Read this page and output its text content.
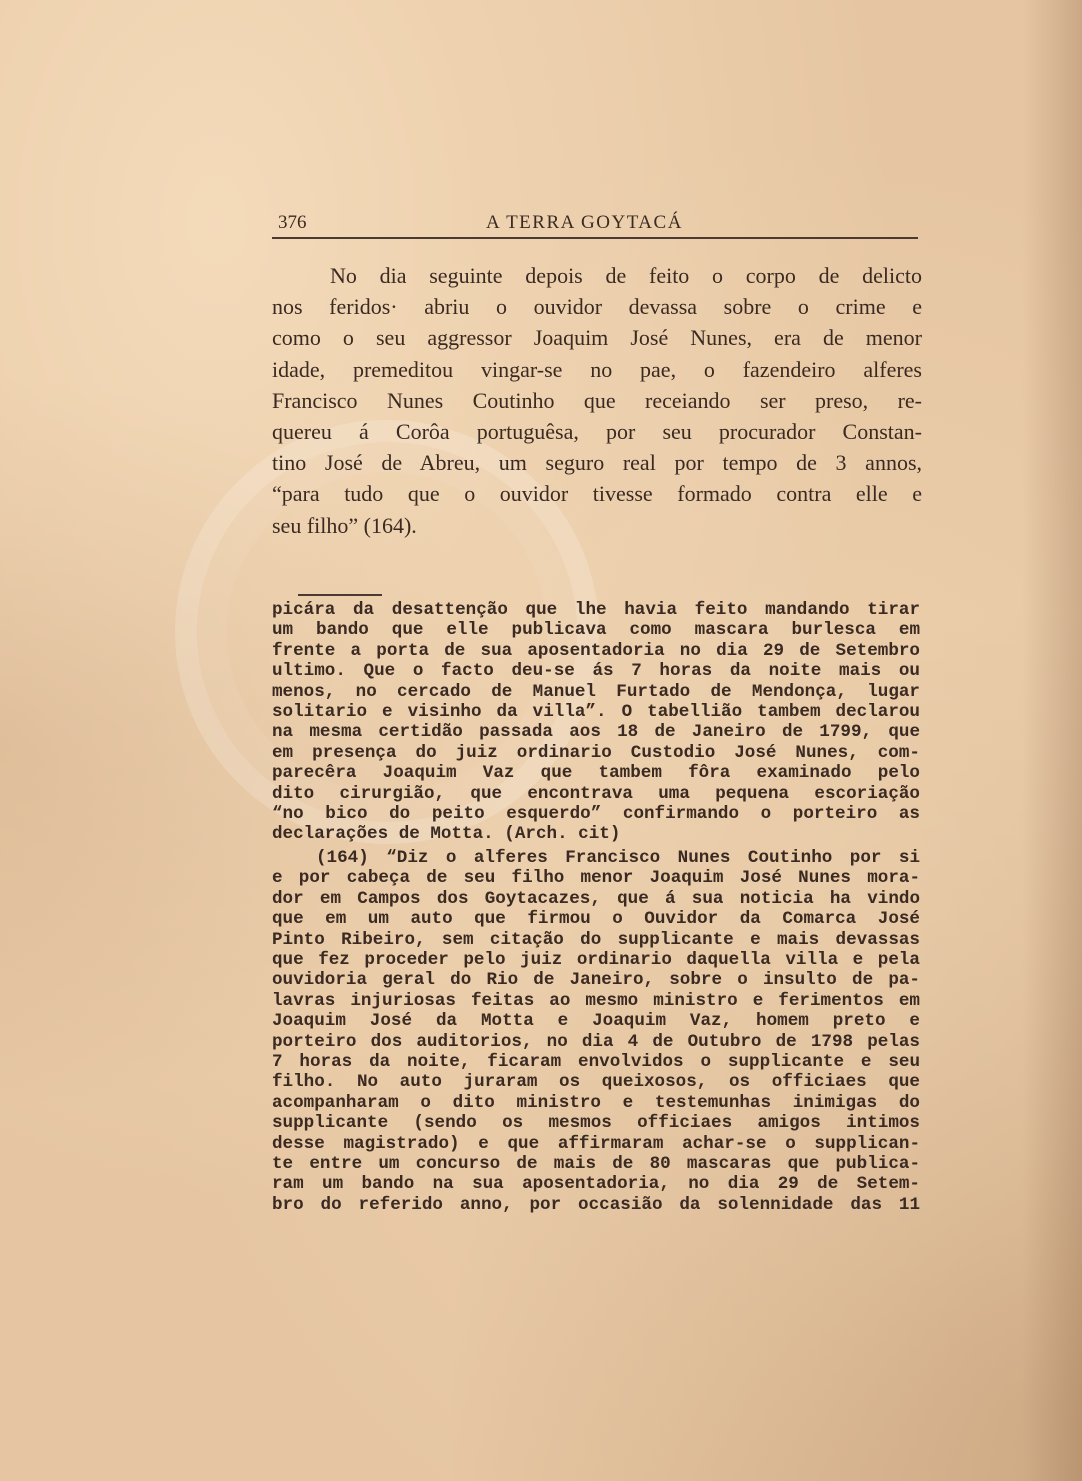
376	A TERRA GOYTACÁ
No dia seguinte depois de feito o corpo de delicto
nos feridos· abriu o ouvidor devassa sobre o crime e
como o seu aggressor Joaquim José Nunes, era de menor
idade, premeditou vingar-se no pae, o fazendeiro alferes
Francisco Nunes Coutinho que receiando ser preso, re-
quereu á Corôa portuguêsa, por seu procurador Constan-
tino José de Abreu, um seguro real por tempo de 3 annos,
“para tudo que o ouvidor tivesse formado contra elle e
seu filho” (164).
picára da desattenção que lhe havia feito mandando tirar
um bando que elle publicava como mascara burlesca em
frente a porta de sua aposentadoria no dia 29 de Setembro
ultimo. Que o facto deu-se ás 7 horas da noite mais ou
menos, no cercado de Manuel Furtado de Mendonça, lugar
solitario e visinho da villa”. O tabellião tambem declarou
na mesma certidão passada aos 18 de Janeiro de 1799, que
em presença do juiz ordinario Custodio José Nunes, com-
parecêra Joaquim Vaz que tambem fôra examinado pelo
dito cirurgião, que encontrava uma pequena escoriação
“no bico do peito esquerdo” confirmando o porteiro as
declarações de Motta. (Arch. cit)
(164) “Diz o alferes Francisco Nunes Coutinho por si
e por cabeça de seu filho menor Joaquim José Nunes mora-
dor em Campos dos Goytacazes, que á sua noticia ha vindo
que em um auto que firmou o Ouvidor da Comarca José
Pinto Ribeiro, sem citação do supplicante e mais devassas
que fez proceder pelo juiz ordinario daquella villa e pela
ouvidoria geral do Rio de Janeiro, sobre o insulto de pa-
lavras injuriosas feitas ao mesmo ministro e ferimentos em
Joaquim José da Motta e Joaquim Vaz, homem preto e
porteiro dos auditorios, no dia 4 de Outubro de 1798 pelas
7 horas da noite, ficaram envolvidos o supplicante e seu
filho. No auto juraram os queixosos, os officiaes que
acompanharam o dito ministro e testemunhas inimigas do
supplicante (sendo os mesmos officiaes amigos intimos
desse magistrado) e que affirmaram achar-se o supplican-
te entre um concurso de mais de 80 mascaras que publica-
ram um bando na sua aposentadoria, no dia 29 de Setem-
bro do referido anno, por occasião da solennidade das 11
